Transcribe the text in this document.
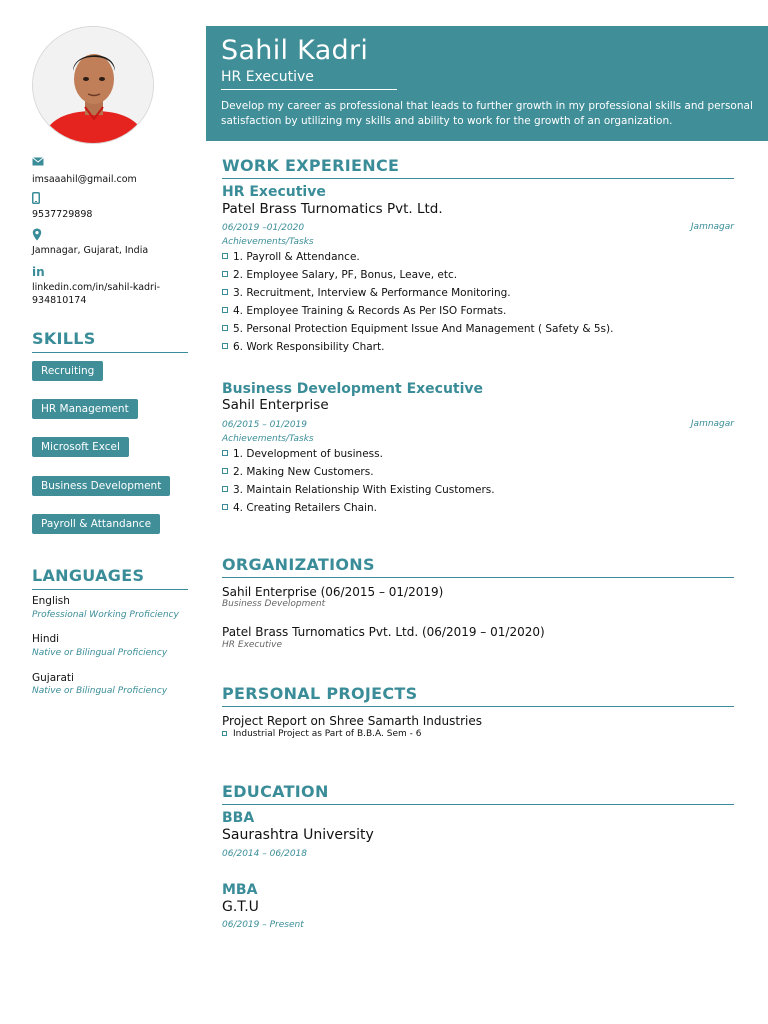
imsaaahil@gmail.com
9537729898
Jamnagar, Gujarat, India
in
linkedin.com/in/sahil-kadri-934810174
SKILLS
Recruiting
HR Management
Microsoft Excel
Business Development
Payroll & Attandance
LANGUAGES
English
Professional Working Proficiency
Hindi
Native or Bilingual Proficiency
Gujarati
Native or Bilingual Proficiency
Sahil Kadri
HR Executive
Develop my career as professional that leads to further growth in my professional skills and personal satisfaction by utilizing my skills and ability to work for the growth of an organization.
WORK EXPERIENCE
HR Executive
Patel Brass Turnomatics Pvt. Ltd.
06/2019 –01/2020	Jamnagar
Achievements/Tasks
1. Payroll & Attendance.
2. Employee Salary, PF, Bonus, Leave, etc.
3. Recruitment, Interview & Performance Monitoring.
4. Employee Training & Records As Per ISO Formats.
5. Personal Protection Equipment Issue And Management ( Safety & 5s).
6. Work Responsibility Chart.
Business Development Executive
Sahil Enterprise
06/2015 – 01/2019	Jamnagar
Achievements/Tasks
1. Development of business.
2. Making New Customers.
3. Maintain Relationship With Existing Customers.
4. Creating Retailers Chain.
ORGANIZATIONS
Sahil Enterprise (06/2015 – 01/2019)
Business Development
Patel Brass Turnomatics Pvt. Ltd. (06/2019 – 01/2020)
HR Executive
PERSONAL PROJECTS
Project Report on Shree Samarth Industries
Industrial Project as Part of B.B.A. Sem - 6
EDUCATION
BBA
Saurashtra University
06/2014 – 06/2018
MBA
G.T.U
06/2019 – Present
